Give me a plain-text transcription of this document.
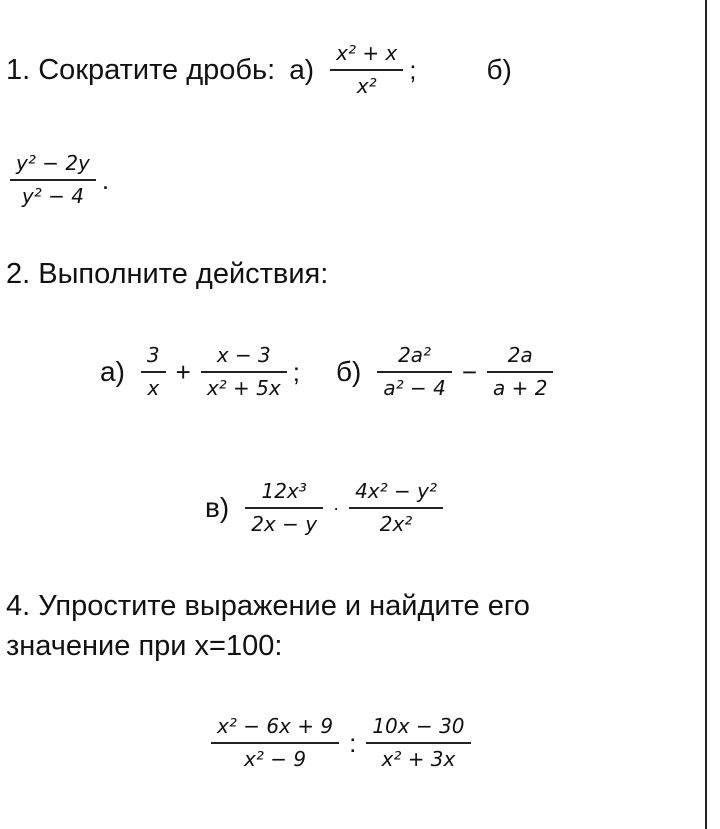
1. Сократите дробь: $а) \frac{\text{x² + x}}{\text{x²}}$ ;	б)
$\frac{\text{y² − 2y}}{\text{y² − 4}}$ .
2. Выполните действия:
$а) \frac{3}{x} + \frac{x - 3}{\text{x² + 5x}}$ ; $б) \frac{\text{2a²}}{\text{a² − 4}} - \frac{2a}{a + 2}$
$в) \frac{\text{12x³}}{2x - y} \cdot \frac{\text{4x² − y²}}{\text{2x²}}$
4. Упростите выражение и найдите его
значение при х=100:
$\frac{\text{x² − 6x + 9}}{\text{x² − 9}}$ : $\frac{10x - 30}{\text{x² + 3x}}$
